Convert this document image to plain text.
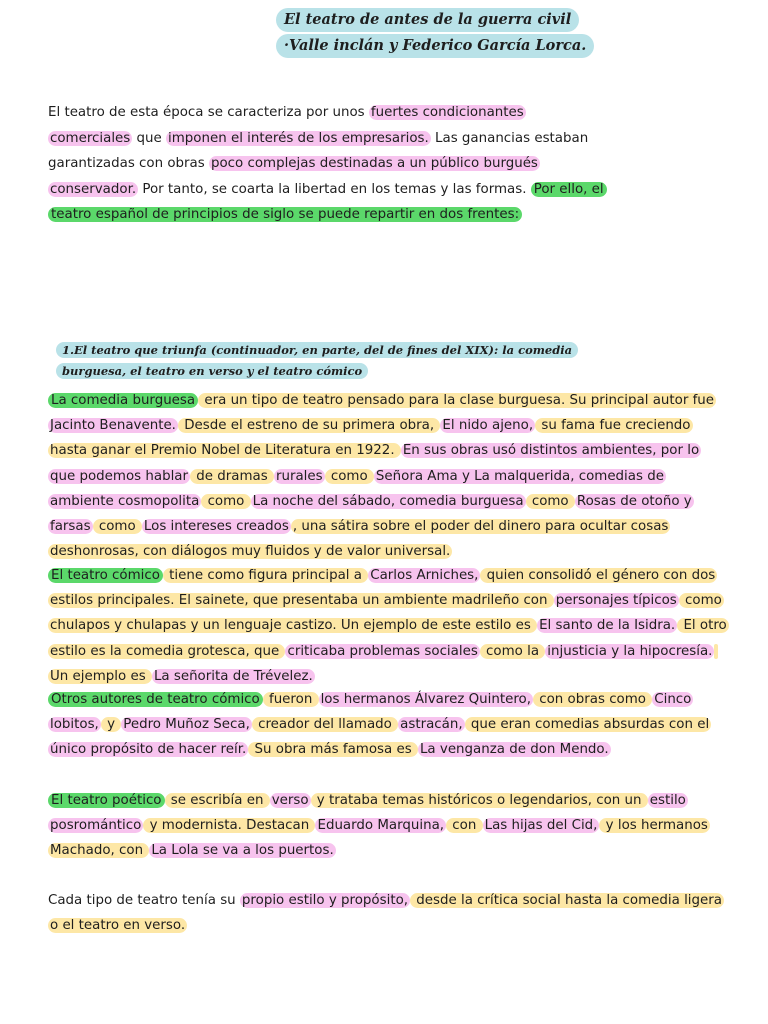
El teatro de antes de la guerra civil
·Valle inclán y Federico García Lorca.
El teatro de esta época se caracteriza por unos fuertes condicionantes comerciales que imponen el interés de los empresarios. Las ganancias estaban garantizadas con obras poco complejas destinadas a un público burgués conservador. Por tanto, se coarta la libertad en los temas y las formas. Por ello, el teatro español de principios de siglo se puede repartir en dos frentes:
1.El teatro que triunfa (continuador, en parte, del de fines del XIX): la comedia burguesa, el teatro en verso y el teatro cómico
La comedia burguesa era un tipo de teatro pensado para la clase burguesa. Su principal autor fue Jacinto Benavente. Desde el estreno de su primera obra, El nido ajeno, su fama fue creciendo hasta ganar el Premio Nobel de Literatura en 1922. En sus obras usó distintos ambientes, por lo que podemos hablar de dramas rurales como Señora Ama y La malquerida, comedias de ambiente cosmopolita como La noche del sábado, comedia burguesa como Rosas de otoño y farsas como Los intereses creados , una sátira sobre el poder del dinero para ocultar cosas deshonrosas, con diálogos muy fluidos y de valor universal.
El teatro cómico tiene como figura principal a Carlos Arniches, quien consolidó el género con dos estilos principales. El sainete, que presentaba un ambiente madrileño con personajes típicos como chulapos y chulapas y un lenguaje castizo. Un ejemplo de este estilo es El santo de la Isidra. El otro estilo es la comedia grotesca, que criticaba problemas sociales como la injusticia y la hipocresía. Un ejemplo es La señorita de Trévelez.
Otros autores de teatro cómico fueron los hermanos Álvarez Quintero, con obras como Cinco lobitos, y Pedro Muñoz Seca, creador del llamado astracán, que eran comedias absurdas con el único propósito de hacer reír. Su obra más famosa es La venganza de don Mendo.
El teatro poético se escribía en verso y trataba temas históricos o legendarios, con un estilo posromántico y modernista. Destacan Eduardo Marquina, con Las hijas del Cid, y los hermanos Machado, con La Lola se va a los puertos.
Cada tipo de teatro tenía su propio estilo y propósito, desde la crítica social hasta la comedia ligera o el teatro en verso.
